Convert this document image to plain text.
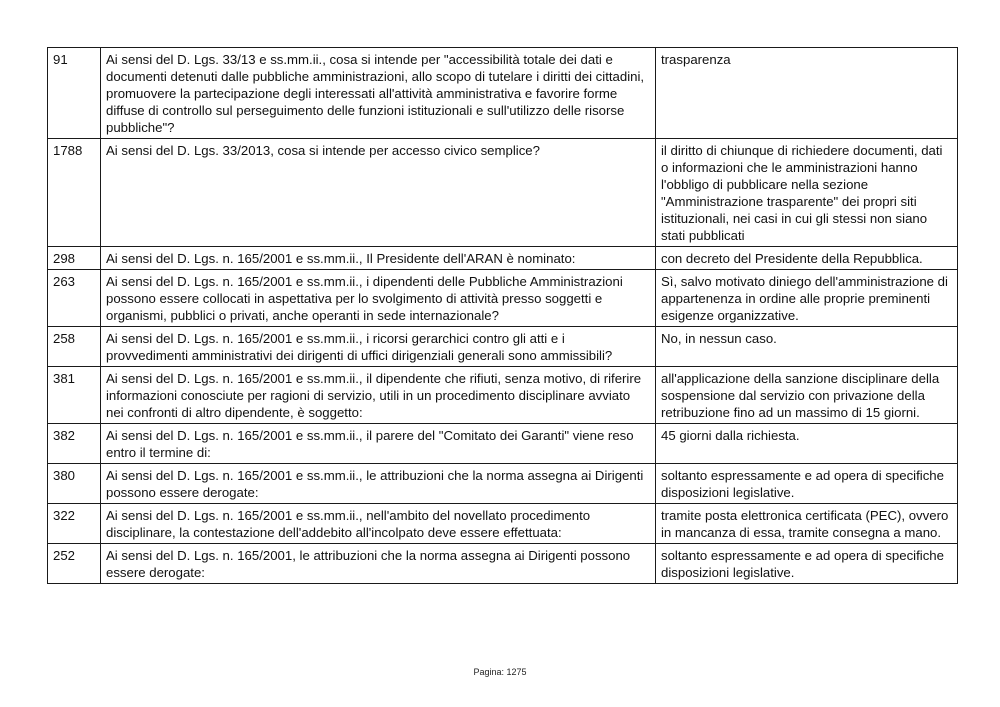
91	Ai sensi del D. Lgs. 33/13 e ss.mm.ii., cosa si intende per "accessibilità totale dei dati e documenti detenuti dalle pubbliche amministrazioni, allo scopo di tutelare i diritti dei cittadini, promuovere la partecipazione degli interessati all'attività amministrativa e favorire forme diffuse di controllo sul perseguimento delle funzioni istituzionali e sull'utilizzo delle risorse pubbliche"?	trasparenza
1788	Ai sensi del D. Lgs. 33/2013, cosa si intende per accesso civico semplice?	il diritto di chiunque di richiedere documenti, dati o informazioni che le amministrazioni hanno l'obbligo di pubblicare nella sezione "Amministrazione trasparente" dei propri siti istituzionali, nei casi in cui gli stessi non siano stati pubblicati
298	Ai sensi del D. Lgs. n. 165/2001 e ss.mm.ii., Il Presidente dell'ARAN è nominato:	con decreto del Presidente della Repubblica.
263	Ai sensi del D. Lgs. n. 165/2001 e ss.mm.ii., i dipendenti delle Pubbliche Amministrazioni possono essere collocati in aspettativa per lo svolgimento di attività presso soggetti e organismi, pubblici o privati, anche operanti in sede internazionale?	Sì, salvo motivato diniego dell'amministrazione di appartenenza in ordine alle proprie preminenti esigenze organizzative.
258	Ai sensi del D. Lgs. n. 165/2001 e ss.mm.ii., i ricorsi gerarchici contro gli atti e i provvedimenti amministrativi dei dirigenti di uffici dirigenziali generali sono ammissibili?	No, in nessun caso.
381	Ai sensi del D. Lgs. n. 165/2001 e ss.mm.ii., il dipendente che rifiuti, senza motivo, di riferire informazioni conosciute per ragioni di servizio, utili in un procedimento disciplinare avviato nei confronti di altro dipendente, è soggetto:	all'applicazione della sanzione disciplinare della sospensione dal servizio con privazione della retribuzione fino ad un massimo di 15 giorni.
382	Ai sensi del D. Lgs. n. 165/2001 e ss.mm.ii., il parere del "Comitato dei Garanti" viene reso entro il termine di:	45 giorni dalla richiesta.
380	Ai sensi del D. Lgs. n. 165/2001 e ss.mm.ii., le attribuzioni che la norma assegna ai Dirigenti possono essere derogate:	soltanto espressamente e ad opera di specifiche disposizioni legislative.
322	Ai sensi del D. Lgs. n. 165/2001 e ss.mm.ii., nell'ambito del novellato procedimento disciplinare, la contestazione dell'addebito all'incolpato deve essere effettuata:	tramite posta elettronica certificata (PEC), ovvero in mancanza di essa, tramite consegna a mano.
252	Ai sensi del D. Lgs. n. 165/2001, le attribuzioni che la norma assegna ai Dirigenti possono essere derogate:	soltanto espressamente e ad opera di specifiche disposizioni legislative.
Pagina: 1275
